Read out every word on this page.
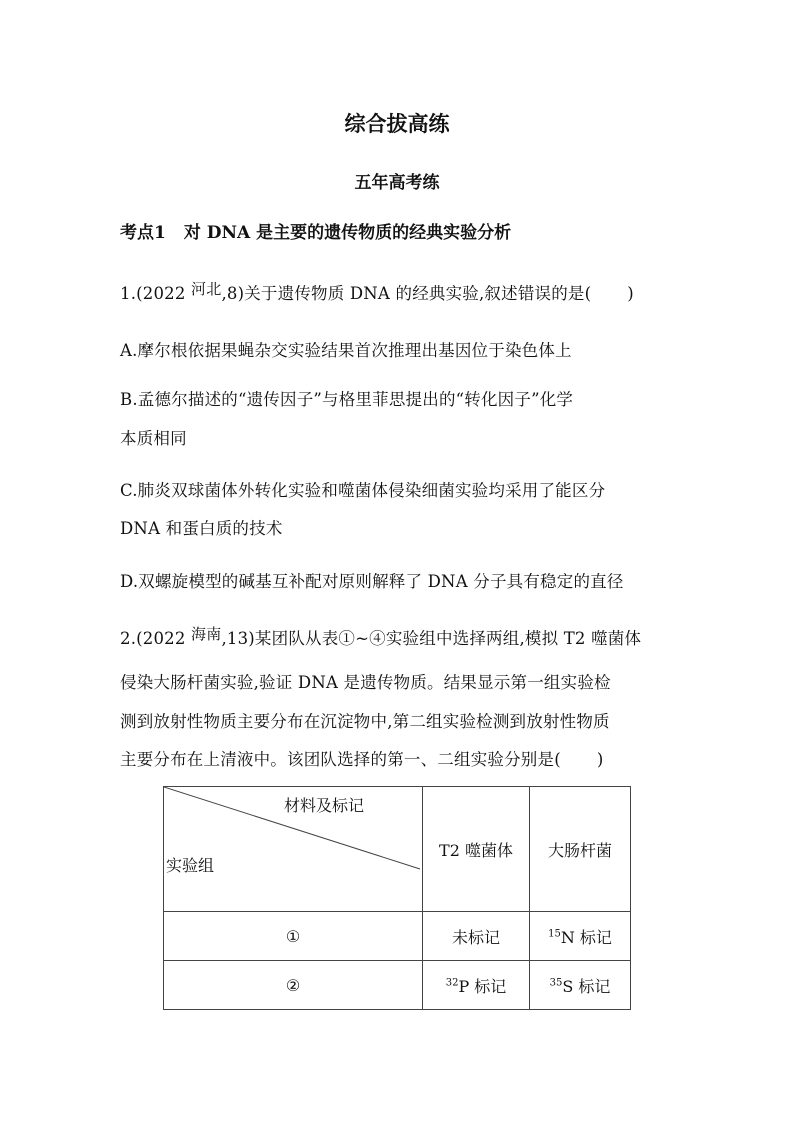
综合拔高练
五年高考练
考点1 对 DNA 是主要的遗传物质的经典实验分析
1.(2022 河北,8)关于遗传物质 DNA 的经典实验,叙述错误的是( )
A.摩尔根依据果蝇杂交实验结果首次推理出基因位于染色体上
B.孟德尔描述的“遗传因子”与格里菲思提出的“转化因子”化学
本质相同
C.肺炎双球菌体外转化实验和噬菌体侵染细菌实验均采用了能区分
DNA 和蛋白质的技术
D.双螺旋模型的碱基互补配对原则解释了 DNA 分子具有稳定的直径
2.(2022 海南,13)某团队从表①~④实验组中选择两组,模拟 T2 噬菌体
侵染大肠杆菌实验,验证 DNA 是遗传物质。结果显示第一组实验检
测到放射性物质主要分布在沉淀物中,第二组实验检测到放射性物质
主要分布在上清液中。该团队选择的第一、二组实验分别是( )
材料及标记
实验组	T2 噬菌体	大肠杆菌
①	未标记	$^{15}$N 标记
②	$^{32}$P 标记	$^{35}$S 标记
